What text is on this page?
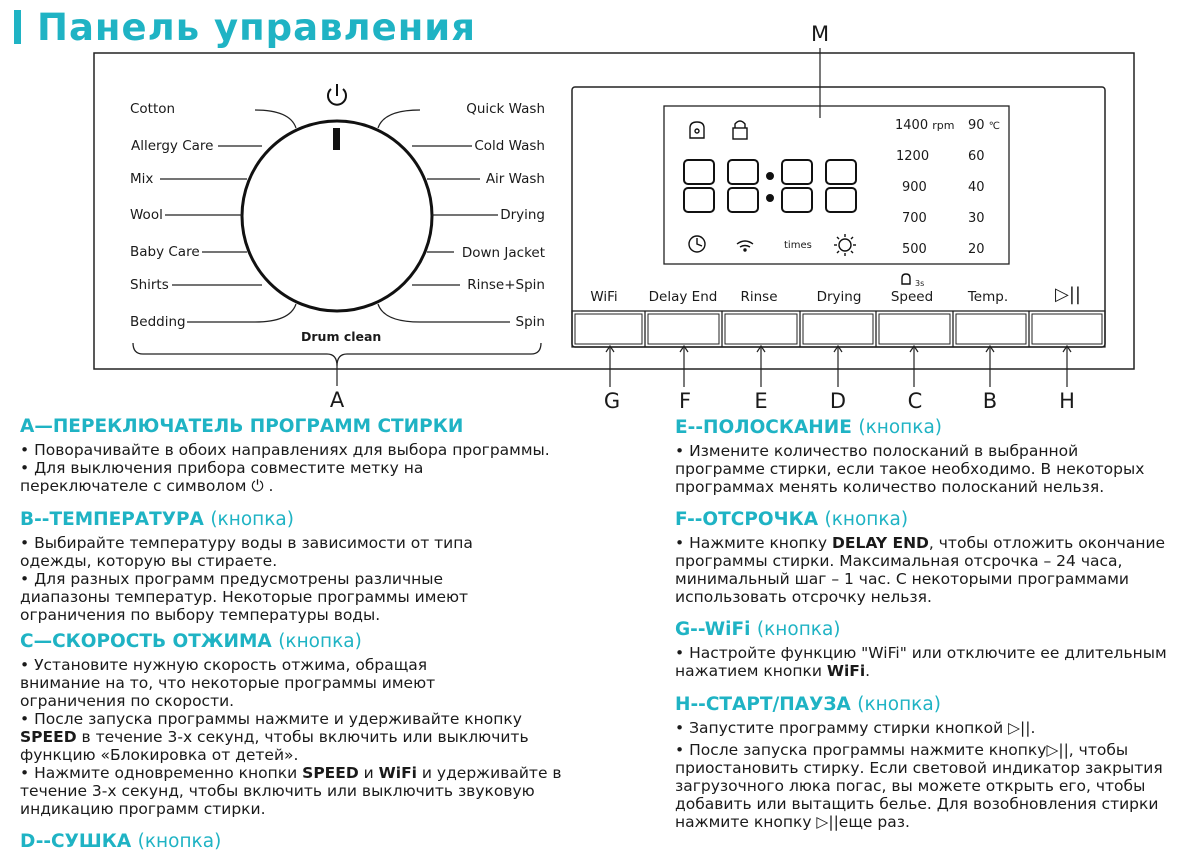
Панель управления
Cotton
Allergy Care
Mix
Wool
Baby Care
Shirts
Bedding
Quick Wash
Cold Wash
Air Wash
Drying
Down Jacket
Rinse+Spin
Spin
Drum clean
1400 rpm
1200
900
700
500
90 ℃
60
40
30
20
times
3s
WiFi	Delay End	Rinse	Drying	Speed	Temp.	▷||
M
A	G	F	E	D	C	B	H
A—ПЕРЕКЛЮЧАТЕЛЬ ПРОГРАММ СТИРКИ

• Поворачивайте в обоих направлениях для выбора программы.

• Для выключения прибора совместите метку на

переключателе с символом ⏻ .

B--ТЕМПЕРАТУРА (кнопка)

• Выбирайте температуру воды в зависимости от типа

одежды, которую вы стираете.

• Для разных программ предусмотрены различные

диапазоны температур. Некоторые программы имеют

ограничения по выбору температуры воды.

C—СКОРОСТЬ ОТЖИМА (кнопка)

• Установите нужную скорость отжима, обращая

внимание на то, что некоторые программы имеют

ограничения по скорости.

• После запуска программы нажмите и удерживайте кнопку

SPEED в течение 3-х секунд, чтобы включить или выключить

функцию «Блокировка от детей».

• Нажмите одновременно кнопки SPEED и WiFi и удерживайте в

течение 3-х секунд, чтобы включить или выключить звуковую

индикацию программ стирки.

D--СУШКА (кнопка)
E--ПОЛОСКАНИЕ (кнопка)

• Измените количество полосканий в выбранной

программе стирки, если такое необходимо. В некоторых

программах менять количество полосканий нельзя.

F--ОТСРОЧКА (кнопка)

• Нажмите кнопку DELAY END, чтобы отложить окончание

программы стирки. Максимальная отсрочка – 24 часа,

минимальный шаг – 1 час. С некоторыми программами

использовать отсрочку нельзя.

G--WiFi (кнопка)

• Настройте функцию "WiFi" или отключите ее длительным

нажатием кнопки WiFi.

H--СТАРТ/ПАУЗА (кнопка)

• Запустите программу стирки кнопкой ▷||.

• После запуска программы нажмите кнопку▷||, чтобы

приостановить стирку. Если световой индикатор закрытия

загрузочного люка погас, вы можете открыть его, чтобы

добавить или вытащить белье. Для возобновления стирки

нажмите кнопку ▷||еще раз.
